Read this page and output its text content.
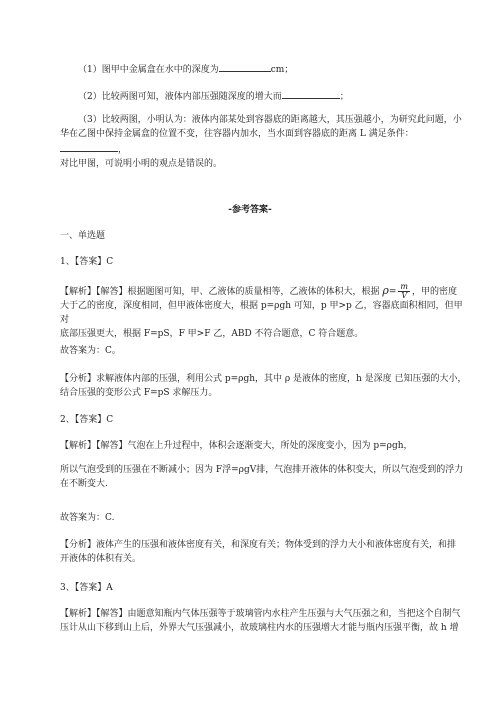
（1）图甲中金属盒在水中的深度为	cm；
（2）比较两图可知，液体内部压强随深度的增大而	；
（3）比较两图，小明认为：液体内部某处到容器底的距离越大，其压强越小，为研究此问题，小
华在乙图中保持金属盒的位置不变，往容器内加水，当水面到容器底的距离 L 满足条件：，
对比甲图，可说明小明的观点是错误的。
-参考答案-
一、单选题
1、【答案】C
【解析】【解答】根据题图可知，甲、乙液体的质量相等，乙液体的体积大，根据 $\rho= \frac{m}{V}$ ，甲的密度
大于乙的密度，深度相同，但甲液体密度大，根据 p=ρgh 可知，p 甲>p 乙，容器底面积相同，但甲对
底部压强更大，根据 F=pS，F 甲>F 乙，ABD 不符合题意，C 符合题意。
故答案为：C。
【分析】求解液体内部的压强，利用公式 p=ρgh，其中 ρ 是液体的密度，h 是深度 已知压强的大小，
结合压强的变形公式 F=pS 求解压力。
2、【答案】C
【解析】【解答】气泡在上升过程中，体积会逐渐变大，所处的深度变小，因为 p=ρgh，
所以气泡受到的压强在不断减小；因为 F浮=ρgV排，气泡排开液体的体积变大，所以气泡受到的浮力
在不断变大.
故答案为：C.
【分析】液体产生的压强和液体密度有关，和深度有关；物体受到的浮力大小和液体密度有关，和排
开液体的体积有关。
3、【答案】A
【解析】【解答】由题意知瓶内气体压强等于玻璃管内水柱产生压强与大气压强之和，当把这个自制气
压计从山下移到山上后，外界大气压强减小，故玻璃柱内水的压强增大才能与瓶内压强平衡，故 h 增
